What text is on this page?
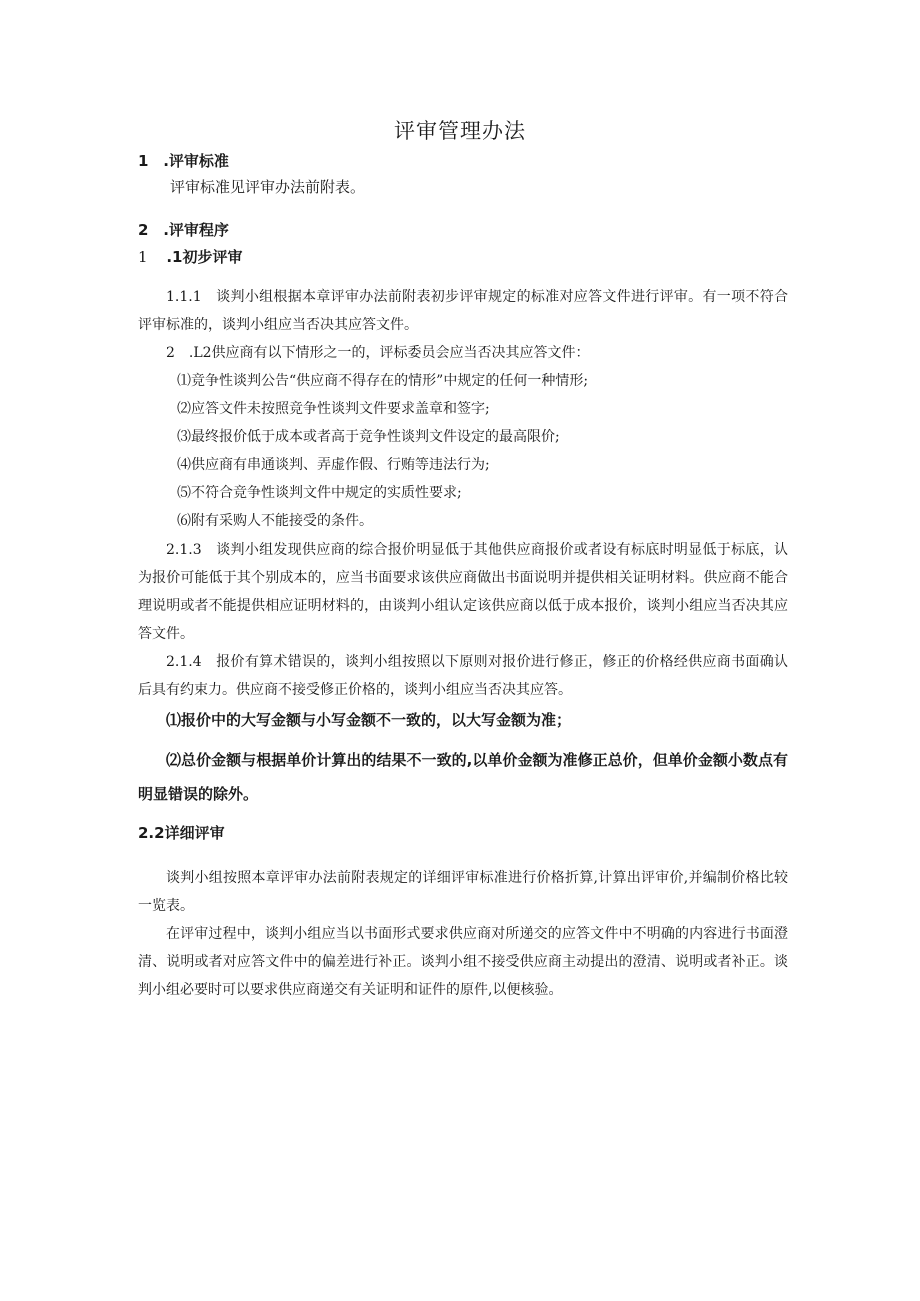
评审管理办法
1 .评审标准
评审标准见评审办法前附表。
2 .评审程序
1 .1初步评审
1.1.1　谈判小组根据本章评审办法前附表初步评审规定的标准对应答文件进行评审。有一项不符合评审标准的，谈判小组应当否决其应答文件。
2　.L2供应商有以下情形之一的，评标委员会应当否决其应答文件：
⑴竞争性谈判公告“供应商不得存在的情形”中规定的任何一种情形;
⑵应答文件未按照竞争性谈判文件要求盖章和签字;
⑶最终报价低于成本或者高于竞争性谈判文件设定的最高限价;
⑷供应商有串通谈判、弄虚作假、行贿等违法行为;
⑸不符合竞争性谈判文件中规定的实质性要求;
⑹附有采购人不能接受的条件。
2.1.3　谈判小组发现供应商的综合报价明显低于其他供应商报价或者设有标底时明显低于标底，认为报价可能低于其个别成本的，应当书面要求该供应商做出书面说明并提供相关证明材料。供应商不能合理说明或者不能提供相应证明材料的，由谈判小组认定该供应商以低于成本报价，谈判小组应当否决其应答文件。
2.1.4　报价有算术错误的，谈判小组按照以下原则对报价进行修正，修正的价格经供应商书面确认后具有约束力。供应商不接受修正价格的，谈判小组应当否决其应答。
⑴报价中的大写金额与小写金额不一致的，以大写金额为准；
⑵总价金额与根据单价计算出的结果不一致的,以单价金额为准修正总价，但单价金额小数点有明显错误的除外。
2.2详细评审
谈判小组按照本章评审办法前附表规定的详细评审标准进行价格折算,计算出评审价,并编制价格比较一览表。
在评审过程中，谈判小组应当以书面形式要求供应商对所递交的应答文件中不明确的内容进行书面澄清、说明或者对应答文件中的偏差进行补正。谈判小组不接受供应商主动提出的澄清、说明或者补正。谈判小组必要时可以要求供应商递交有关证明和证件的原件,以便核验。
